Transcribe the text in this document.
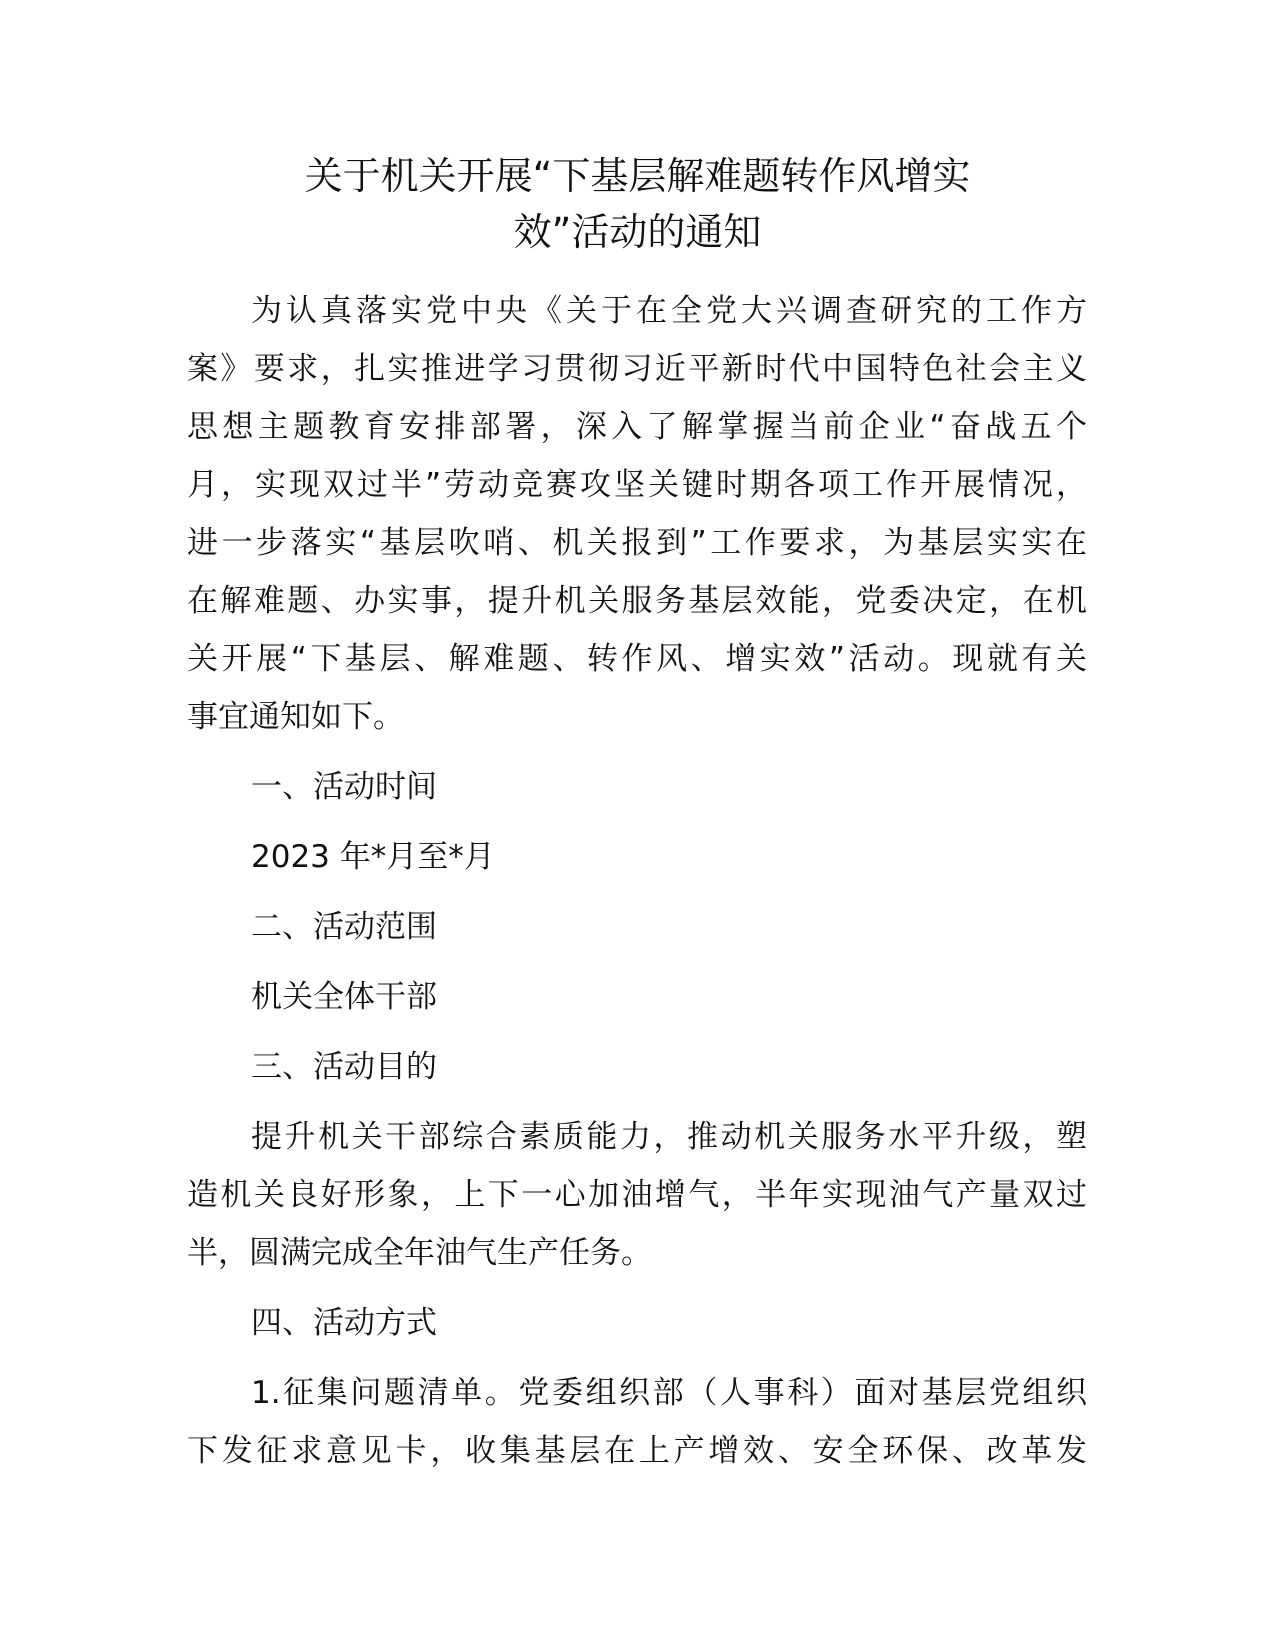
关于机关开展“下基层解难题转作风增实
效”活动的通知
为认真落实党中央《关于在全党大兴调查研究的工作方
案》要求，扎实推进学习贯彻习近平新时代中国特色社会主义
思想主题教育安排部署，深入了解掌握当前企业“奋战五个
月，实现双过半”劳动竞赛攻坚关键时期各项工作开展情况，
进一步落实“基层吹哨、机关报到”工作要求，为基层实实在
在解难题、办实事，提升机关服务基层效能，党委决定，在机
关开展“下基层、解难题、转作风、增实效”活动。现就有关
事宜通知如下。
一、活动时间
2023 年*月至*月
二、活动范围
机关全体干部
三、活动目的
提升机关干部综合素质能力，推动机关服务水平升级，塑
造机关良好形象，上下一心加油增气，半年实现油气产量双过
半，圆满完成全年油气生产任务。
四、活动方式
1.征集问题清单。党委组织部（人事科）面对基层党组织
下发征求意见卡，收集基层在上产增效、安全环保、改革发
